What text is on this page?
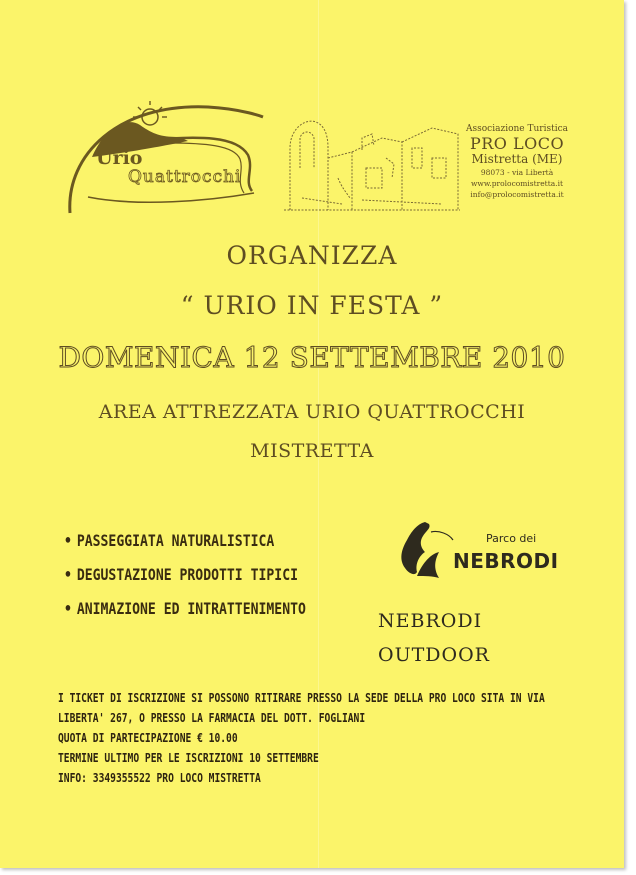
Urio
Quattrocchi
Associazione Turistica
PRO LOCO
Mistretta (ME)
98073 - via Libertà
www.prolocomistretta.it
info@prolocomistretta.it
ORGANIZZA
“ URIO IN FESTA ”
DOMENICA 12 SETTEMBRE 2010
AREA ATTREZZATA URIO QUATTROCCHI
MISTRETTA
• PASSEGGIATA NATURALISTICA
• DEGUSTAZIONE PRODOTTI TIPICI
• ANIMAZIONE ED INTRATTENIMENTO
Parco dei
NEBRODI
NEBRODI
OUTDOOR
I TICKET DI ISCRIZIONE SI POSSONO RITIRARE PRESSO LA SEDE DELLA PRO LOCO SITA IN VIA
LIBERTA' 267, O PRESSO LA FARMACIA DEL DOTT. FOGLIANI
QUOTA DI PARTECIPAZIONE € 10.00
TERMINE ULTIMO PER LE ISCRIZIONI 10 SETTEMBRE
INFO: 3349355522 PRO LOCO MISTRETTA
